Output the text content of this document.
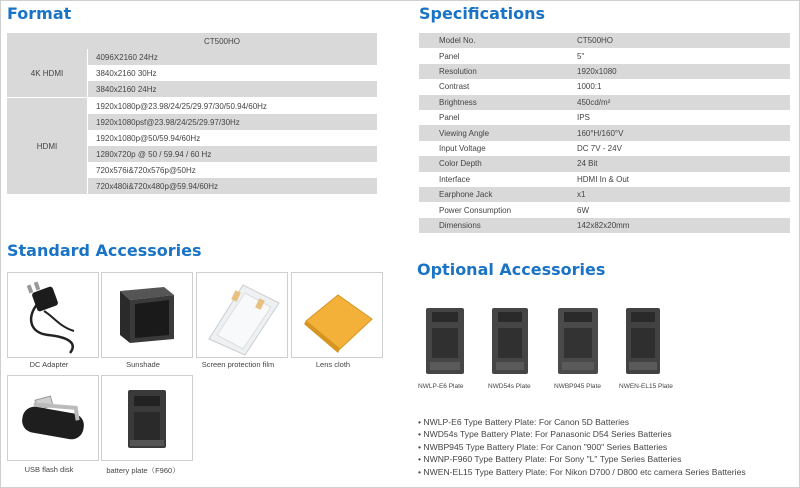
Format
CT500HO
4K HDMI
4096X2160 24Hz
3840x2160 30Hz
3840x2160 24Hz
HDMI
1920x1080p@23.98/24/25/29.97/30/50.94/60Hz
1920x1080psf@23.98/24/25/29.97/30Hz
1920x1080p@50/59.94/60Hz
1280x720p @ 50 / 59.94 / 60 Hz
720x576i&720x576p@50Hz
720x480i&720x480p@59.94/60Hz
Specifications
Model No.	CT500HO
Panel	5"
Resolution	1920x1080
Contrast	1000:1
Brightness	450cd/m²
Panel	IPS
Viewing Angle	160°H/160°V
Input Voltage	DC 7V - 24V
Color Depth	24 Bit
Interface	HDMI In & Out
Earphone Jack	x1
Power Consumption	6W
Dimensions	142x82x20mm
Standard Accessories
DC Adapter	Sunshade	Screen protection film	Lens cloth
USB flash disk	battery plate（F960）
Optional Accessories
NWLP-E6 Plate	NWD54s Plate	NWBP945 Plate	NWEN-EL15 Plate
• NWLP-E6 Type Battery Plate: For Canon 5D Batteries
• NWD54s Type Battery Plate: For Panasonic D54 Series Batteries
• NWBP945 Type Battery Plate: For Canon "900" Series Batteries
• NWNP-F960 Type Battery Plate: For Sony "L" Type Series Batteries
• NWEN-EL15 Type Battery Plate: For Nikon D700 / D800 etc camera Series Batteries
